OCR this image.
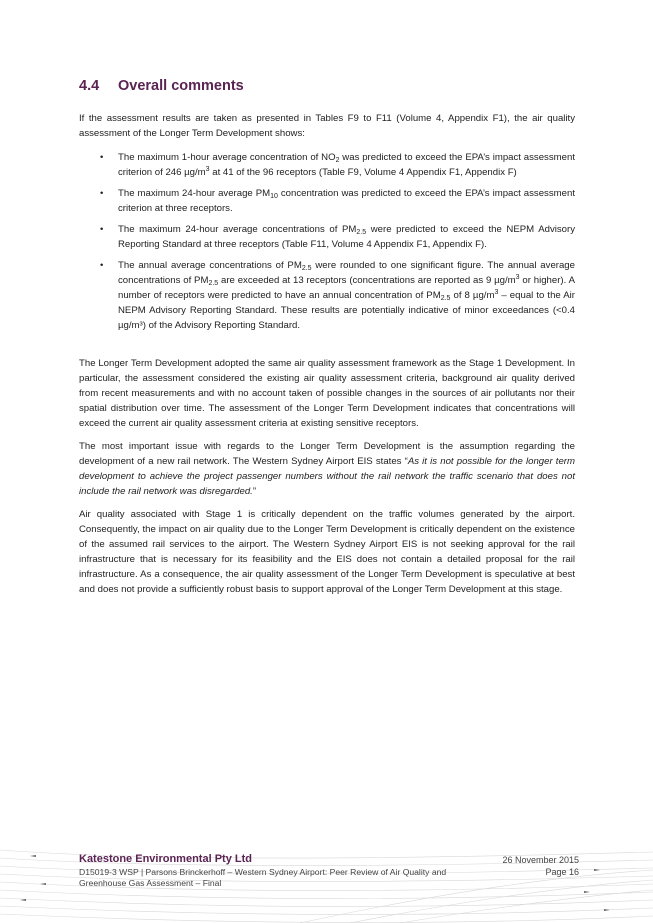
4.4 Overall comments

If the assessment results are taken as presented in Tables F9 to F11 (Volume 4, Appendix F1), the air quality assessment of the Longer Term Development shows:

• The maximum 1-hour average concentration of $NO_2$ was predicted to exceed the EPA’s impact assessment criterion of 246 $\mu g/m^3$ at 41 of the 96 receptors (Table F9, Volume 4 Appendix F1, Appendix F)
• The maximum 24-hour average $PM_{10}$ concentration was predicted to exceed the EPA’s impact assessment criterion at three receptors.
• The maximum 24-hour average concentrations of $PM_{2.5}$ were predicted to exceed the NEPM Advisory Reporting Standard at three receptors (Table F11, Volume 4 Appendix F1, Appendix F).
• The annual average concentrations of $PM_{2.5}$ were rounded to one significant figure. The annual average concentrations of $PM_{2.5}$ are exceeded at 13 receptors (concentrations are reported as 9 $\mu g/m^3$ or higher). A number of receptors were predicted to have an annual concentration of $PM_{2.5}$ of 8 $\mu g/m^3$ – equal to the Air NEPM Advisory Reporting Standard. These results are potentially indicative of minor exceedances (<0.4 µg/m³) of the Advisory Reporting Standard.

The Longer Term Development adopted the same air quality assessment framework as the Stage 1 Development. In particular, the assessment considered the existing air quality assessment criteria, background air quality derived from recent measurements and with no account taken of possible changes in the sources of air pollutants nor their spatial distribution over time. The assessment of the Longer Term Development indicates that concentrations will exceed the current air quality assessment criteria at existing sensitive receptors.

The most important issue with regards to the Longer Term Development is the assumption regarding the development of a new rail network. The Western Sydney Airport EIS states “As it is not possible for the longer term development to achieve the project passenger numbers without the rail network the traffic scenario that does not include the rail network was disregarded.”

Air quality associated with Stage 1 is critically dependent on the traffic volumes generated by the airport. Consequently, the impact on air quality due to the Longer Term Development is critically dependent on the existence of the assumed rail services to the airport. The Western Sydney Airport EIS is not seeking approval for the rail infrastructure that is necessary for its feasibility and the EIS does not contain a detailed proposal for the rail infrastructure. As a consequence, the air quality assessment of the Longer Term Development is speculative at best and does not provide a sufficiently robust basis to support approval of the Longer Term Development at this stage.

Katestone Environmental Pty Ltd
D15019-3 WSP | Parsons Brinckerhoff – Western Sydney Airport: Peer Review of Air Quality and Greenhouse Gas Assessment – Final
26 November 2015
Page 16
